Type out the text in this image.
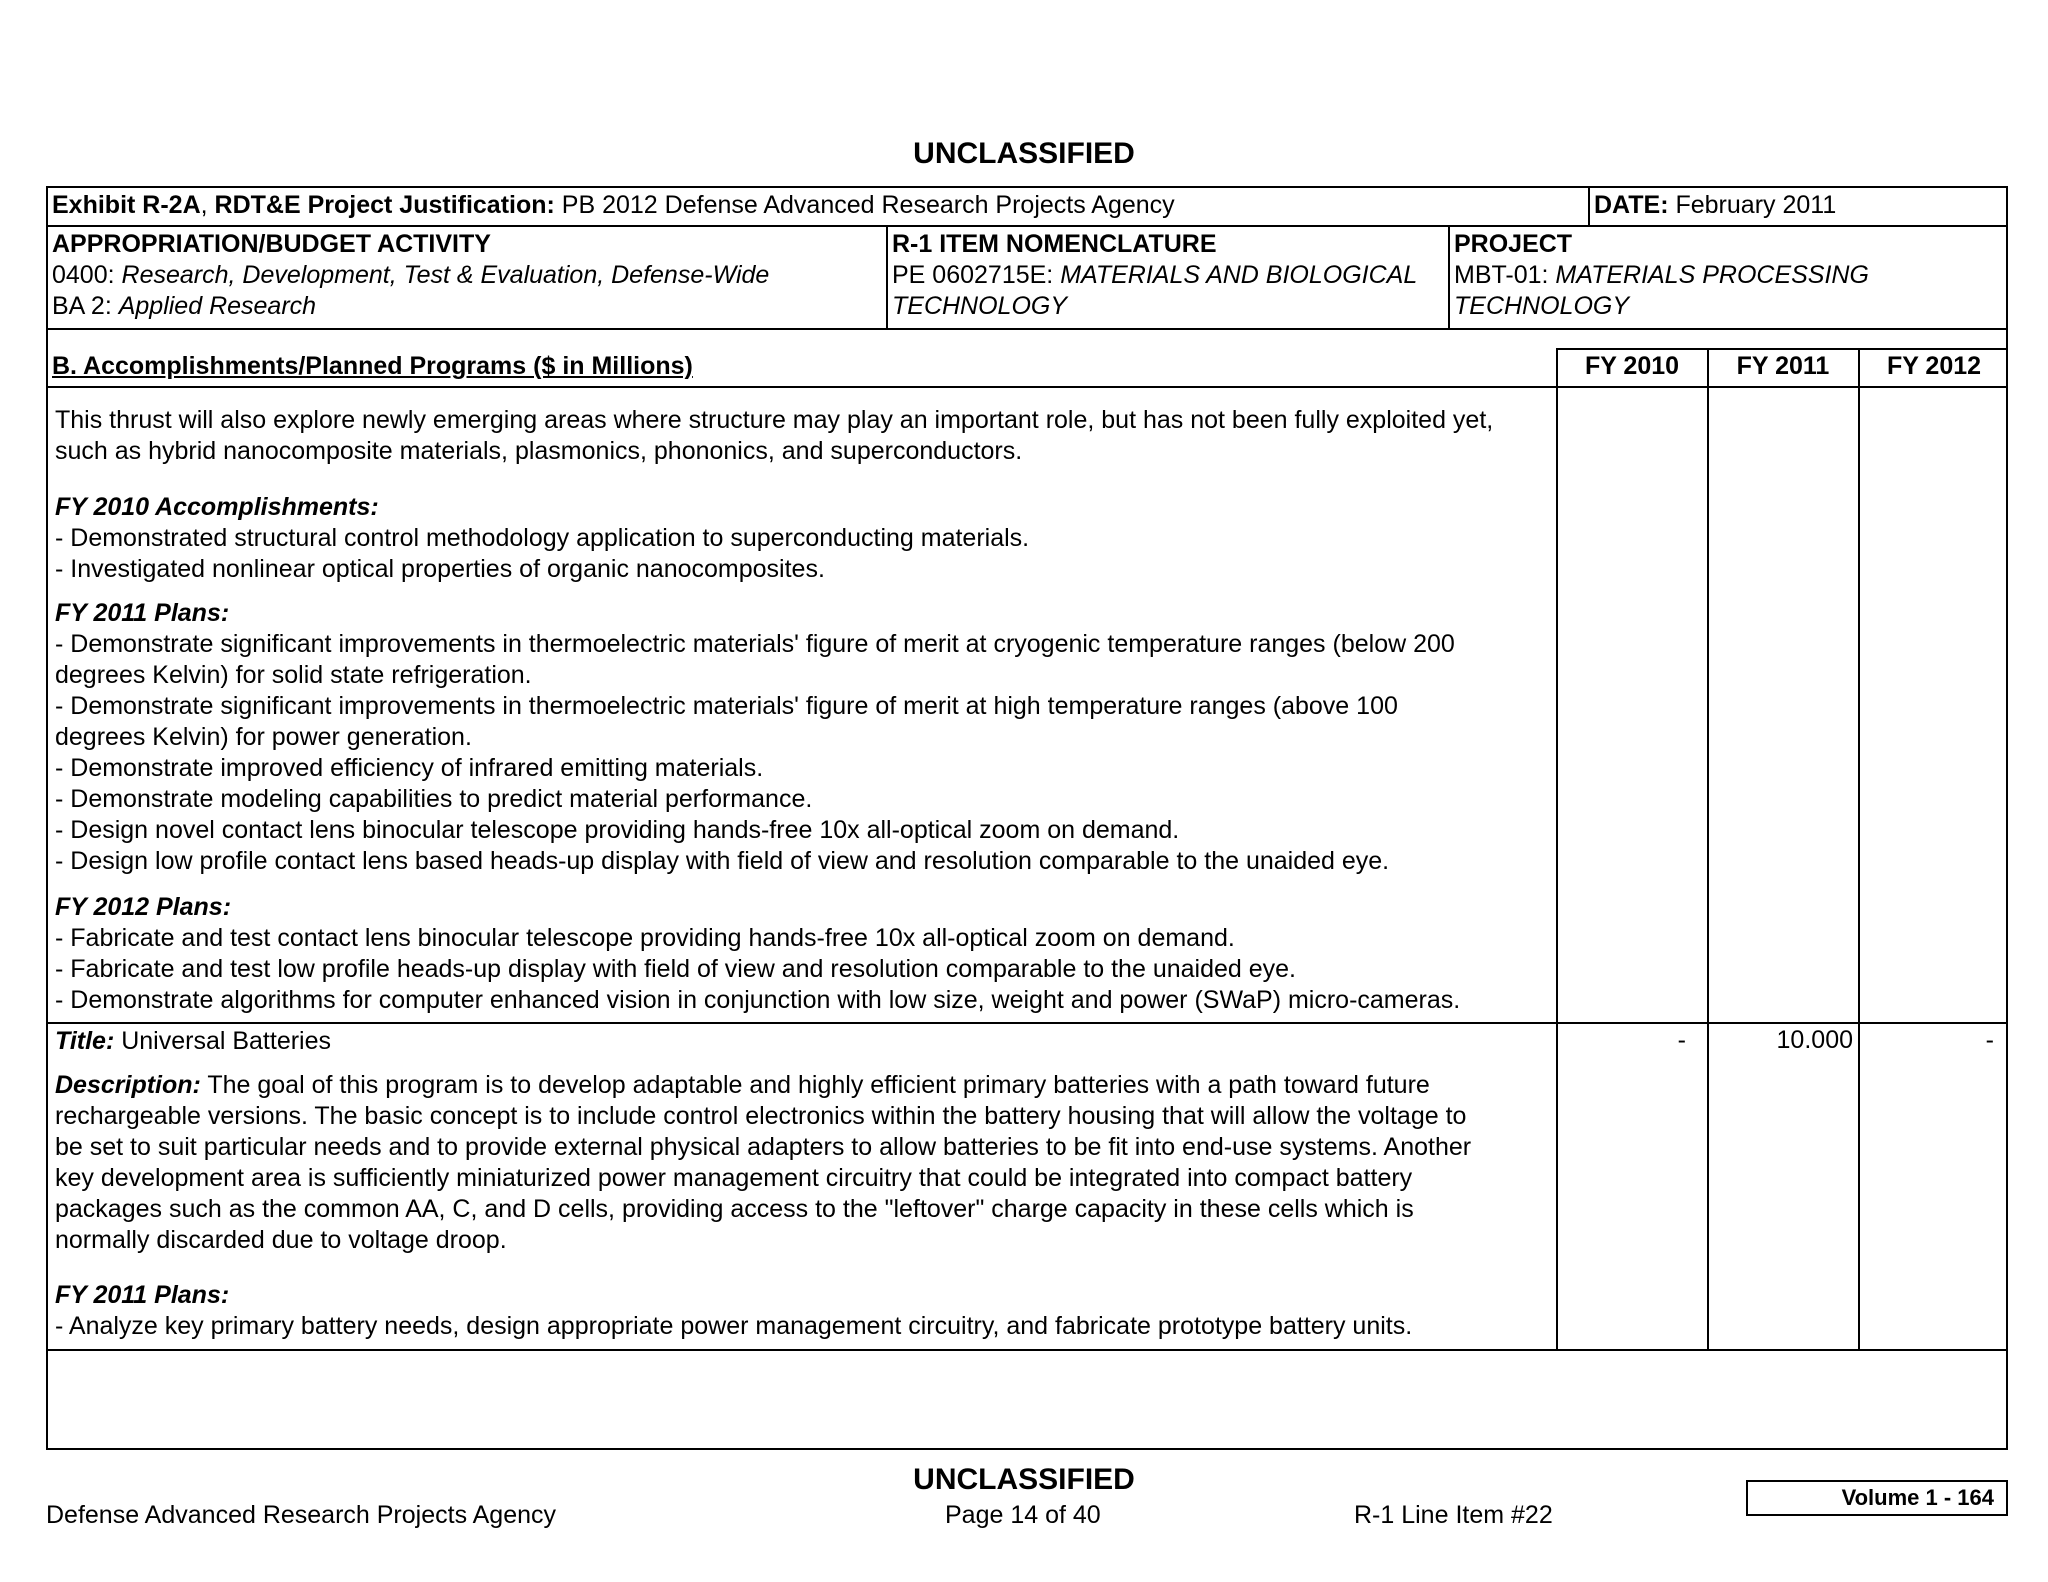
UNCLASSIFIED
Exhibit R-2A, RDT&E Project Justification: PB 2012 Defense Advanced Research Projects Agency	DATE: February 2011
APPROPRIATION/BUDGET ACTIVITY
0400: Research, Development, Test & Evaluation, Defense-Wide
BA 2: Applied Research
R-1 ITEM NOMENCLATURE
PE 0602715E: MATERIALS AND BIOLOGICAL
TECHNOLOGY
PROJECT
MBT-01: MATERIALS PROCESSING
TECHNOLOGY
B. Accomplishments/Planned Programs ($ in Millions)	FY 2010	FY 2011	FY 2012
This thrust will also explore newly emerging areas where structure may play an important role, but has not been fully exploited yet,
such as hybrid nanocomposite materials, plasmonics, phononics, and superconductors.
FY 2010 Accomplishments:
- Demonstrated structural control methodology application to superconducting materials.
- Investigated nonlinear optical properties of organic nanocomposites.
FY 2011 Plans:
- Demonstrate significant improvements in thermoelectric materials' figure of merit at cryogenic temperature ranges (below 200
degrees Kelvin) for solid state refrigeration.
- Demonstrate significant improvements in thermoelectric materials' figure of merit at high temperature ranges (above 100
degrees Kelvin) for power generation.
- Demonstrate improved efficiency of infrared emitting materials.
- Demonstrate modeling capabilities to predict material performance.
- Design novel contact lens binocular telescope providing hands-free 10x all-optical zoom on demand.
- Design low profile contact lens based heads-up display with field of view and resolution comparable to the unaided eye.
FY 2012 Plans:
- Fabricate and test contact lens binocular telescope providing hands-free 10x all-optical zoom on demand.
- Fabricate and test low profile heads-up display with field of view and resolution comparable to the unaided eye.
- Demonstrate algorithms for computer enhanced vision in conjunction with low size, weight and power (SWaP) micro-cameras.
Title: Universal Batteries	-	10.000	-
Description: The goal of this program is to develop adaptable and highly efficient primary batteries with a path toward future
rechargeable versions. The basic concept is to include control electronics within the battery housing that will allow the voltage to
be set to suit particular needs and to provide external physical adapters to allow batteries to be fit into end-use systems. Another
key development area is sufficiently miniaturized power management circuitry that could be integrated into compact battery
packages such as the common AA, C, and D cells, providing access to the "leftover" charge capacity in these cells which is
normally discarded due to voltage droop.
FY 2011 Plans:
- Analyze key primary battery needs, design appropriate power management circuitry, and fabricate prototype battery units.
UNCLASSIFIED
Defense Advanced Research Projects Agency	Page 14 of 40	R-1 Line Item #22
Volume 1 - 164
